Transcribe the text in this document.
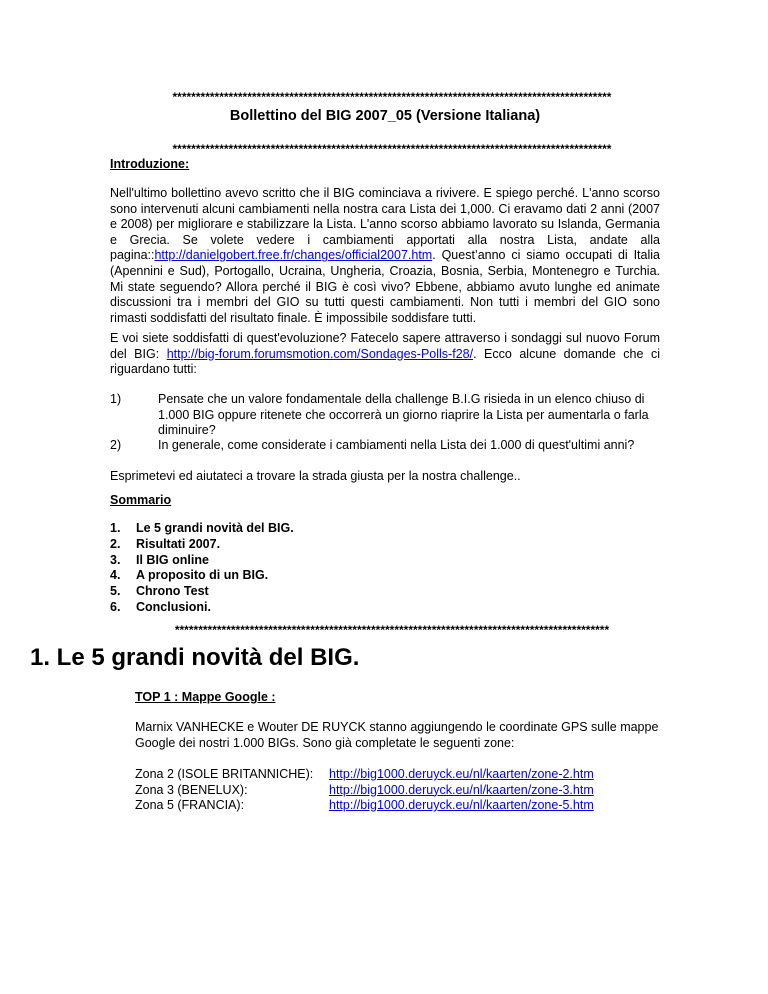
**********************************************************************************************
Bollettino del BIG 2007_05 (Versione Italiana)
**********************************************************************************************
Introduzione:

Nell'ultimo bollettino avevo scritto che il BIG cominciava a rivivere. E spiego perché. L'anno scorso sono intervenuti alcuni cambiamenti nella nostra cara Lista dei 1,000. Ci eravamo dati 2 anni (2007 e 2008) per migliorare e stabilizzare la Lista. L'anno scorso abbiamo lavorato su Islanda, Germania e Grecia. Se volete vedere i cambiamenti apportati alla nostra Lista, andate alla pagina::http://danielgobert.free.fr/changes/official2007.htm. Quest’anno ci siamo occupati di Italia (Apennini e Sud), Portogallo, Ucraina, Ungheria, Croazia, Bosnia, Serbia, Montenegro e Turchia. Mi state seguendo? Allora perché il BIG è così vivo? Ebbene, abbiamo avuto lunghe ed animate discussioni tra i membri del GIO su tutti questi cambiamenti. Non tutti i membri del GIO sono rimasti soddisfatti del risultato finale. È impossibile soddisfare tutti.

E voi siete soddisfatti di quest'evoluzione? Fatecelo sapere attraverso i sondaggi sul nuovo Forum del BIG: http://big-forum.forumsmotion.com/Sondages-Polls-f28/. Ecco alcune domande che ci riguardano tutti:

1)	Pensate che un valore fondamentale della challenge B.I.G risieda in un elenco chiuso di 1.000 BIG oppure ritenete che occorrerà un giorno riaprire la Lista per aumentarla o farla diminuire?

2)	In generale, come considerate i cambiamenti nella Lista dei 1.000 di quest'ultimi anni?

Esprimetevi ed aiutateci a trovare la strada giusta per la nostra challenge..

Sommario
1.	Le 5 grandi novità del BIG.
2.	Risultati 2007.
3.	Il BIG online
4.	A proposito di un BIG.
5.	Chrono Test
6.	Conclusioni.
*********************************************************************************************
1. Le 5 grandi novità del BIG.
TOP 1 : Mappe Google :

Marnix VANHECKE e Wouter DE RUYCK stanno aggiungendo le coordinate GPS sulle mappe Google dei nostri 1.000 BIGs. Sono già completate le seguenti zone:

Zona 2 (ISOLE BRITANNICHE):	http://big1000.deruyck.eu/nl/kaarten/zone-2.htm
Zona 3 (BENELUX):	http://big1000.deruyck.eu/nl/kaarten/zone-3.htm
Zona 5 (FRANCIA):	http://big1000.deruyck.eu/nl/kaarten/zone-5.htm
